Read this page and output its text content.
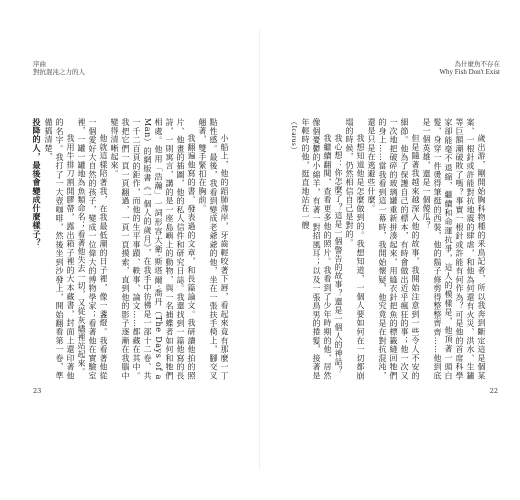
序曲
對抗混沌之力的人

小船上，他的蹈肺薄岸，牙齒輕咬著下唇，看起來竟有那麼一丁點性感。最後，我看到變成老爺爺的他，坐在一張扶手椅上，腳交叉翹著，雙手緊扣在胸前。

我翻遍他寫的書、發表過的文章，和長篇論文。我研讀他拍的照片、他畫的插圖，他的私人信件和研究日誌。我還找到一篇他寫的長詩，一則寓言，講的是一座島嶼上的動物，與一名捕蝶者如何和牠們相處。他用「浩瀚」一詞形容大衛·斯塔爾·喬丹（The Days of a Man）的網版書《一個人的歲月》，在我手中彷彿是一部十二卷、共一千二百頁的鉅作，而他的生平事蹟、軼事、論文……都藏在其中。我把它們一頁一頁翻過，一頁一頁摸索，直到他的影子逐漸在我腦中變得清晰起來。

他就這樣陪著我，在我最低潮的日子裡，像一盞燈。我看著他從一個愛好大自然的孩子，變成一位偉大的博物學家；看著他在實驗室裡，一罐一罐地為魚類命名；看著他失去一切，又從灰燼裡站起來。

我用牛排刀割開膠帶，露出箱子裡的大本藏書，封面上還印著他的名字。我打了一大壺咖啡，然後坐到沙發上，開始翻看第一卷，準備搞清楚，

投降的人，最後會變成什麼樣子？

23
為什麼魚不存在
Why Fish Don't Exist

歲出游，剛開始胸科物種的釆鳥記者，所以我奔到斷定這是個某案、一根針或許能對抗地震的肆虐，和他為何還有火災、洪水、生鏽等巨額潮破敗了嗎？事實一根針或許能有何作為？可是他的首席科學家卻能毫不退縮，繼續和命運抗爭，這人的模樣是，他頂著一頭白髮，身穿一件燙得筆挺的西裝，他的鬍子修剪得整整齊齊……他到底是一個英雄，還是一個傻瓜？

但是隨著我越來越深入他的故事，我開始注意到一些令人不安的細節。他為了保護自己的標本，有時會做出近乎瘋狂的事；他一次又一次地把破碎的玻璃罐重新拼湊起來，用縫衣針把魚的標籤縫回牠們的身上……當我看到這一幕時，我開始懷疑，他究竟是在對抗混沌，還是只是在逃避些什麼。

我想知道他是怎麼做到的。我想知道，一個人要如何在一切都崩塌的時候，仍然相信自己是對的。

我心想：你怎麼了？這是一個警告的故事？還是一個人的神話？

我繼續翻閱，查看更多他的照片。我看到了少年時期的他，居然像個憂鬱的小綿羊，有著一對招風耳；以及一張鳥男的捲髮，接著是年輕時的他，挺直地站在一艘

（Icarus）

22
